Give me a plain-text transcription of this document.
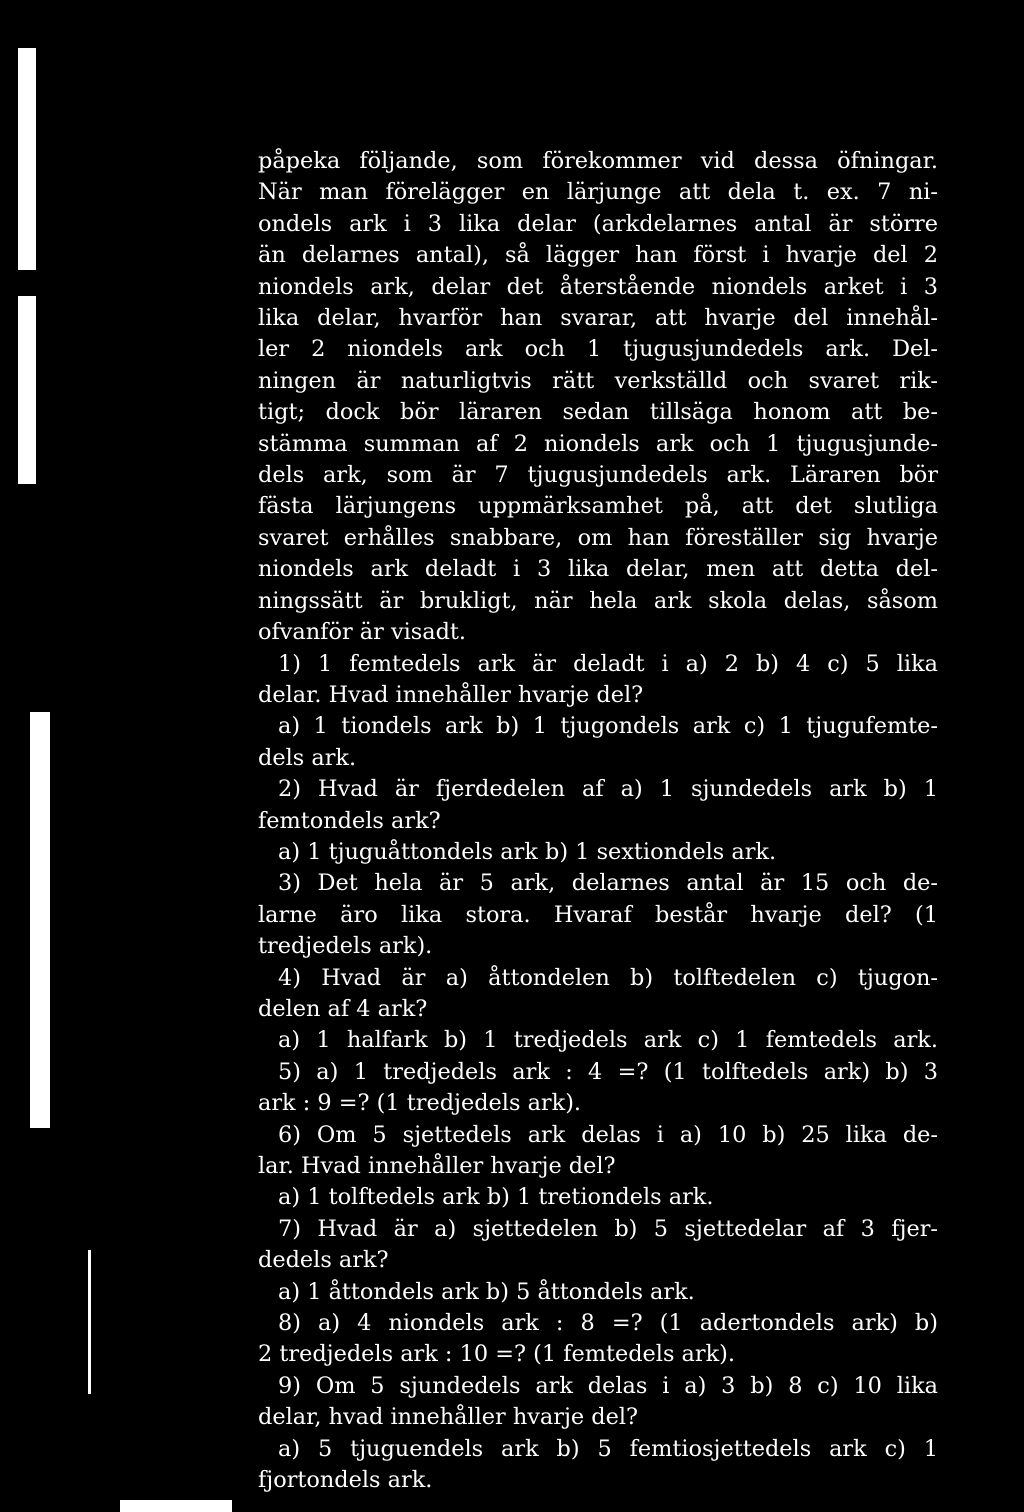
påpeka följande, som förekommer vid dessa öfningar.
När man förelägger en lärjunge att dela t. ex. 7 ni-
ondels ark i 3 lika delar (arkdelarnes antal är större
än delarnes antal), så lägger han först i hvarje del 2
niondels ark, delar det återstående niondels arket i 3
lika delar, hvarför han svarar, att hvarje del innehål-
ler 2 niondels ark och 1 tjugusjundedels ark. Del-
ningen är naturligtvis rätt verkställd och svaret rik-
tigt; dock bör läraren sedan tillsäga honom att be-
stämma summan af 2 niondels ark och 1 tjugusjunde-
dels ark, som är 7 tjugusjundedels ark. Läraren bör
fästa lärjungens uppmärksamhet på, att det slutliga
svaret erhålles snabbare, om han föreställer sig hvarje
niondels ark deladt i 3 lika delar, men att detta del-
ningssätt är brukligt, när hela ark skola delas, såsom
ofvanför är visadt.
1) 1 femtedels ark är deladt i a) 2 b) 4 c) 5 lika
delar. Hvad innehåller hvarje del?
a) 1 tiondels ark b) 1 tjugondels ark c) 1 tjugufemte-
dels ark.
2) Hvad är fjerdedelen af a) 1 sjundedels ark b) 1
femtondels ark?
a) 1 tjuguåttondels ark b) 1 sextiondels ark.
3) Det hela är 5 ark, delarnes antal är 15 och de-
larne äro lika stora. Hvaraf består hvarje del? (1
tredjedels ark).
4) Hvad är a) åttondelen b) tolftedelen c) tjugon-
delen af 4 ark?
a) 1 halfark b) 1 tredjedels ark c) 1 femtedels ark.
5) a) 1 tredjedels ark : 4 =? (1 tolftedels ark) b) 3
ark : 9 =? (1 tredjedels ark).
6) Om 5 sjettedels ark delas i a) 10 b) 25 lika de-
lar. Hvad innehåller hvarje del?
a) 1 tolftedels ark b) 1 tretiondels ark.
7) Hvad är a) sjettedelen b) 5 sjettedelar af 3 fjer-
dedels ark?
a) 1 åttondels ark b) 5 åttondels ark.
8) a) 4 niondels ark : 8 =? (1 adertondels ark) b)
2 tredjedels ark : 10 =? (1 femtedels ark).
9) Om 5 sjundedels ark delas i a) 3 b) 8 c) 10 lika
delar, hvad innehåller hvarje del?
a) 5 tjuguendels ark b) 5 femtiosjettedels ark c) 1
fjortondels ark.
